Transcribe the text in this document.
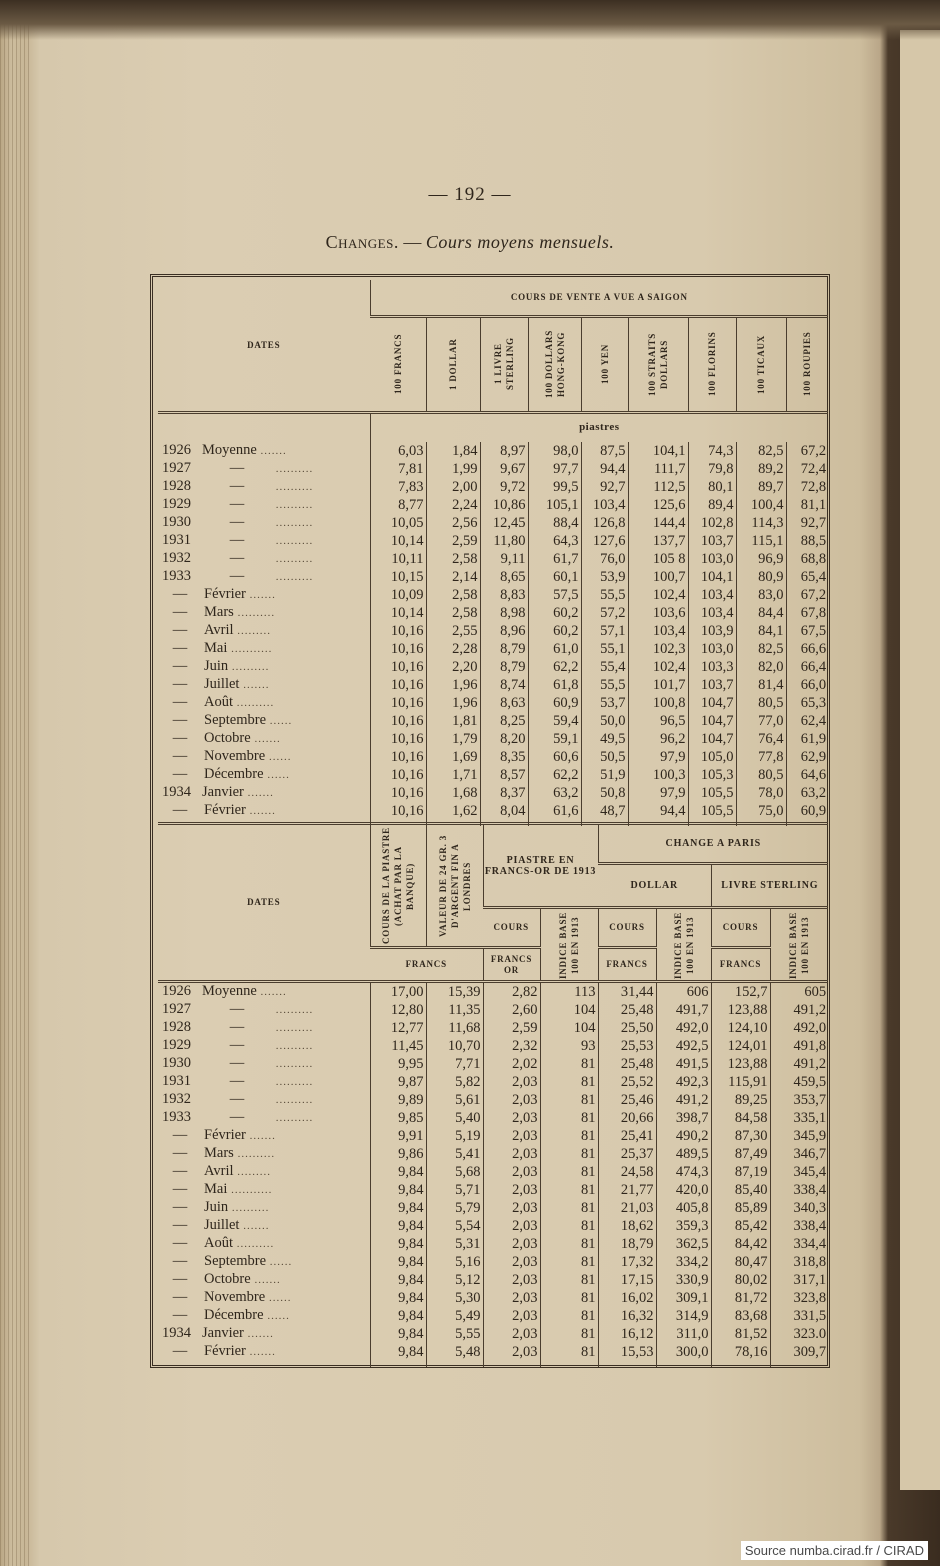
— 192 —
Changes. — Cours moyens mensuels.
DATES	COURS DE VENTE A VUE A SAIGON								
	100 FRANCS	1 DOLLAR	1 LIVRE STERLING	100 DOLLARS HONG-KONG	100 YEN	100 STRAITS DOLLARS	100 FLORINS	100 TICAUX	100 ROUPIES
	piastres								
1926 Moyenne .......	6,03	1,84	8,97	98,0	87,5	104,1	74,3	82,5	67,2
1927 — ..........	7,81	1,99	9,67	97,7	94,4	111,7	79,8	89,2	72,4
1928 — ..........	7,83	2,00	9,72	99,5	92,7	112,5	80,1	89,7	72,8
1929 — ..........	8,77	2,24	10,86	105,1	103,4	125,6	89,4	100,4	81,1
1930 — ..........	10,05	2,56	12,45	88,4	126,8	144,4	102,8	114,3	92,7
1931 — ..........	10,14	2,59	11,80	64,3	127,6	137,7	103,7	115,1	88,5
1932 — ..........	10,11	2,58	9,11	61,7	76,0	105 8	103,0	96,9	68,8
1933 — ..........	10,15	2,14	8,65	60,1	53,9	100,7	104,1	80,9	65,4
— Février .......	10,09	2,58	8,83	57,5	55,5	102,4	103,4	83,0	67,2
— Mars ..........	10,14	2,58	8,98	60,2	57,2	103,6	103,4	84,4	67,8
— Avril .........	10,16	2,55	8,96	60,2	57,1	103,4	103,9	84,1	67,5
— Mai ...........	10,16	2,28	8,79	61,0	55,1	102,3	103,0	82,5	66,6
— Juin ..........	10,16	2,20	8,79	62,2	55,4	102,4	103,3	82,0	66,4
— Juillet .......	10,16	1,96	8,74	61,8	55,5	101,7	103,7	81,4	66,0
— Août ..........	10,16	1,96	8,63	60,9	53,7	100,8	104,7	80,5	65,3
— Septembre ......	10,16	1,81	8,25	59,4	50,0	96,5	104,7	77,0	62,4
— Octobre .......	10,16	1,79	8,20	59,1	49,5	96,2	104,7	76,4	61,9
— Novembre ......	10,16	1,69	8,35	60,6	50,5	97,9	105,0	77,8	62,9
— Décembre ......	10,16	1,71	8,57	62,2	51,9	100,3	105,3	80,5	64,6
1934 Janvier .......	10,16	1,68	8,37	63,2	50,8	97,9	105,5	78,0	63,2
— Février .......	10,16	1,62	8,04	61,6	48,7	94,4	105,5	75,0	60,9

DATES	COURS DE LA PIASTRE (ACHAT PAR LA BANQUE)	VALEUR DE 24 GR. 3 D'ARGENT FIN A LONDRES	PIASTRE EN FRANCS-OR DE 1913		CHANGE A PARIS			
					DOLLAR		LIVRE STERLING	
			COURS	INDICE BASE 100 EN 1913	COURS	INDICE BASE 100 EN 1913	COURS	INDICE BASE 100 EN 1913
	FRANCS		FRANCS OR		FRANCS		FRANCS	
1926 Moyenne .......	17,00	15,39	2,82	113	31,44	606	152,7	605
1927 — ..........	12,80	11,35	2,60	104	25,48	491,7	123,88	491,2
1928 — ..........	12,77	11,68	2,59	104	25,50	492,0	124,10	492,0
1929 — ..........	11,45	10,70	2,32	93	25,53	492,5	124,01	491,8
1930 — ..........	9,95	7,71	2,02	81	25,48	491,5	123,88	491,2
1931 — ..........	9,87	5,82	2,03	81	25,52	492,3	115,91	459,5
1932 — ..........	9,89	5,61	2,03	81	25,46	491,2	89,25	353,7
1933 — ..........	9,85	5,40	2,03	81	20,66	398,7	84,58	335,1
— Février .......	9,91	5,19	2,03	81	25,41	490,2	87,30	345,9
— Mars ..........	9,86	5,41	2,03	81	25,37	489,5	87,49	346,7
— Avril .........	9,84	5,68	2,03	81	24,58	474,3	87,19	345,4
— Mai ...........	9,84	5,71	2,03	81	21,77	420,0	85,40	338,4
— Juin ..........	9,84	5,79	2,03	81	21,03	405,8	85,89	340,3
— Juillet .......	9,84	5,54	2,03	81	18,62	359,3	85,42	338,4
— Août ..........	9,84	5,31	2,03	81	18,79	362,5	84,42	334,4
— Septembre ......	9,84	5,16	2,03	81	17,32	334,2	80,47	318,8
— Octobre .......	9,84	5,12	2,03	81	17,15	330,9	80,02	317,1
— Novembre ......	9,84	5,30	2,03	81	16,02	309,1	81,72	323,8
— Décembre ......	9,84	5,49	2,03	81	16,32	314,9	83,68	331,5
1934 Janvier .......	9,84	5,55	2,03	81	16,12	311,0	81,52	323.0
— Février .......	9,84	5,48	2,03	81	15,53	300,0	78,16	309,7

Source numba.cirad.fr / CIRAD
